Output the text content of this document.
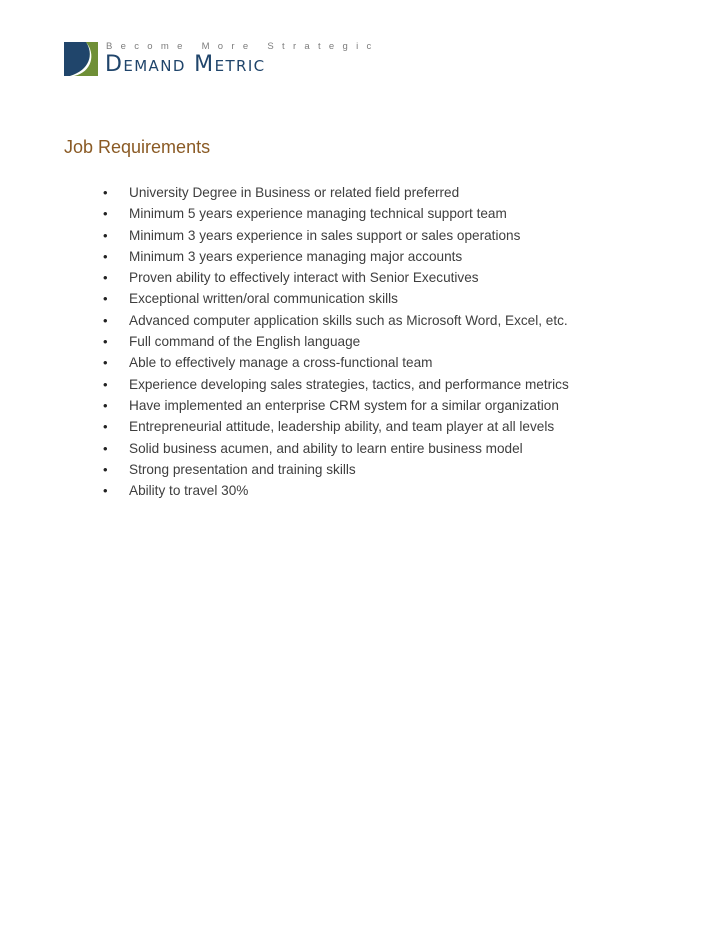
Become More Strategic
Demand Metric
Job Requirements
• University Degree in Business or related field preferred
• Minimum 5 years experience managing technical support team
• Minimum 3 years experience in sales support or sales operations
• Minimum 3 years experience managing major accounts
• Proven ability to effectively interact with Senior Executives
• Exceptional written/oral communication skills
• Advanced computer application skills such as Microsoft Word, Excel, etc.
• Full command of the English language
• Able to effectively manage a cross-functional team
• Experience developing sales strategies, tactics, and performance metrics
• Have implemented an enterprise CRM system for a similar organization
• Entrepreneurial attitude, leadership ability, and team player at all levels
• Solid business acumen, and ability to learn entire business model
• Strong presentation and training skills
• Ability to travel 30%
